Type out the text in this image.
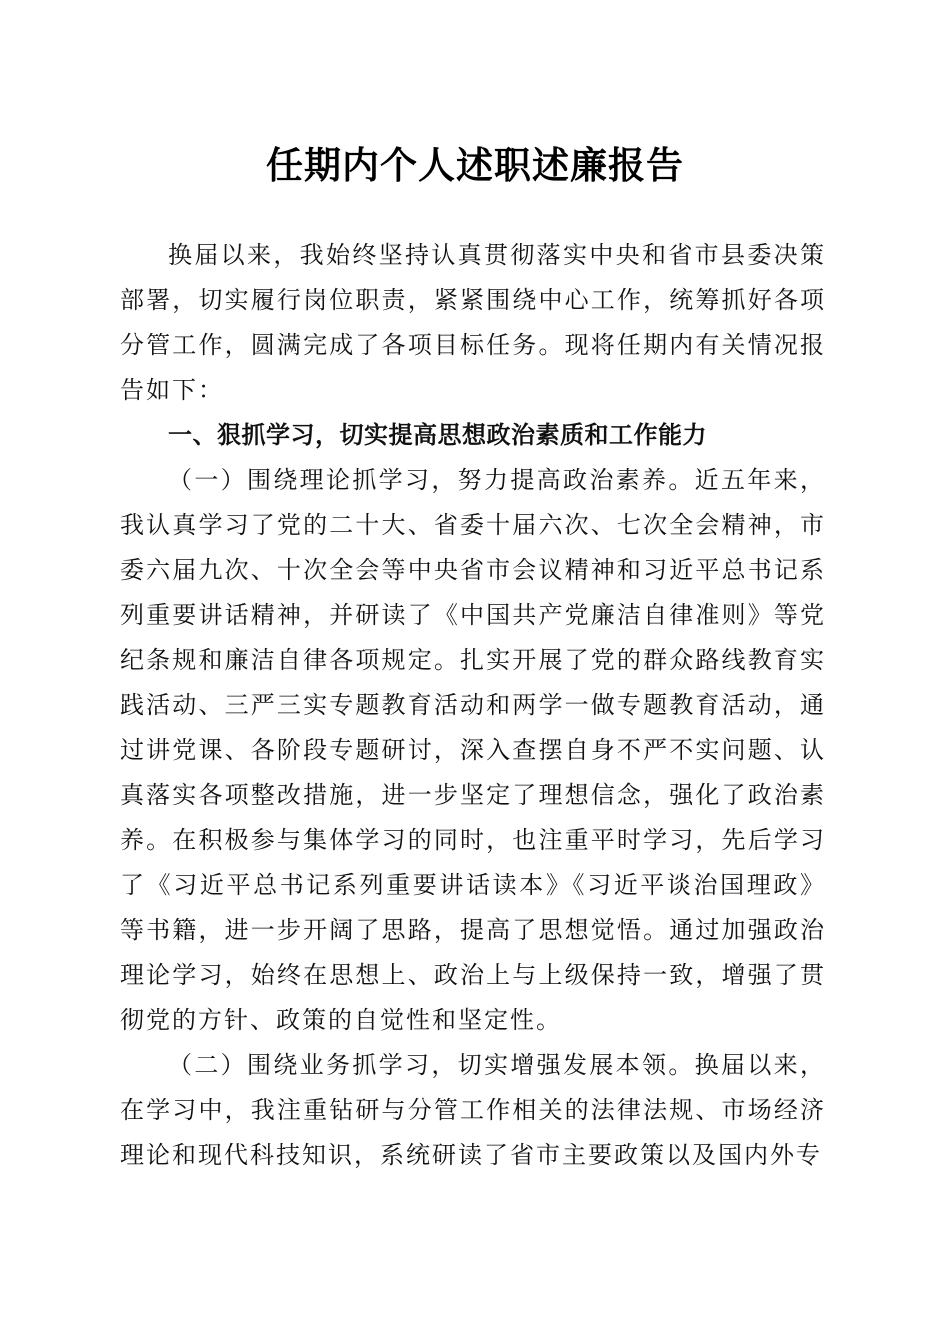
任期内个人述职述廉报告

换届以来，我始终坚持认真贯彻落实中央和省市县委决策部署，切实履行岗位职责，紧紧围绕中心工作，统筹抓好各项分管工作，圆满完成了各项目标任务。现将任期内有关情况报告如下：

一、狠抓学习，切实提高思想政治素质和工作能力

（一）围绕理论抓学习，努力提高政治素养。近五年来，我认真学习了党的二十大、省委十届六次、七次全会精神，市委六届九次、十次全会等中央省市会议精神和习近平总书记系列重要讲话精神，并研读了《中国共产党廉洁自律准则》等党纪条规和廉洁自律各项规定。扎实开展了党的群众路线教育实践活动、三严三实专题教育活动和两学一做专题教育活动，通过讲党课、各阶段专题研讨，深入查摆自身不严不实问题、认真落实各项整改措施，进一步坚定了理想信念，强化了政治素养。在积极参与集体学习的同时，也注重平时学习，先后学习了《习近平总书记系列重要讲话读本》《习近平谈治国理政》等书籍，进一步开阔了思路，提高了思想觉悟。通过加强政治理论学习，始终在思想上、政治上与上级保持一致，增强了贯彻党的方针、政策的自觉性和坚定性。

（二）围绕业务抓学习，切实增强发展本领。换届以来，在学习中，我注重钻研与分管工作相关的法律法规、市场经济理论和现代科技知识，系统研读了省市主要政策以及国内外专
